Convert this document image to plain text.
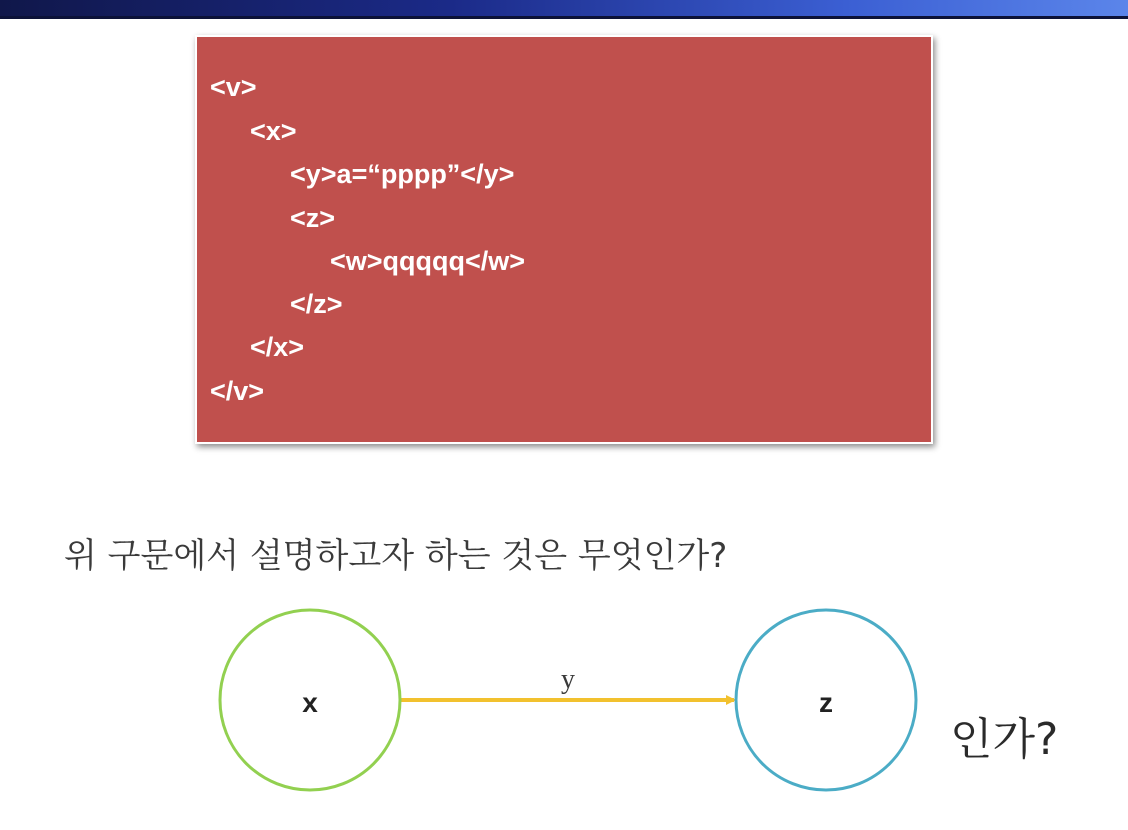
<v>
<x>
<y>a=“pppp”</y>
<z>
<w>qqqqq</w>
</z>
</x>
</v>
위 구문에서 설명하고자 하는 것은 무엇인가?
y
x	z
인가?
